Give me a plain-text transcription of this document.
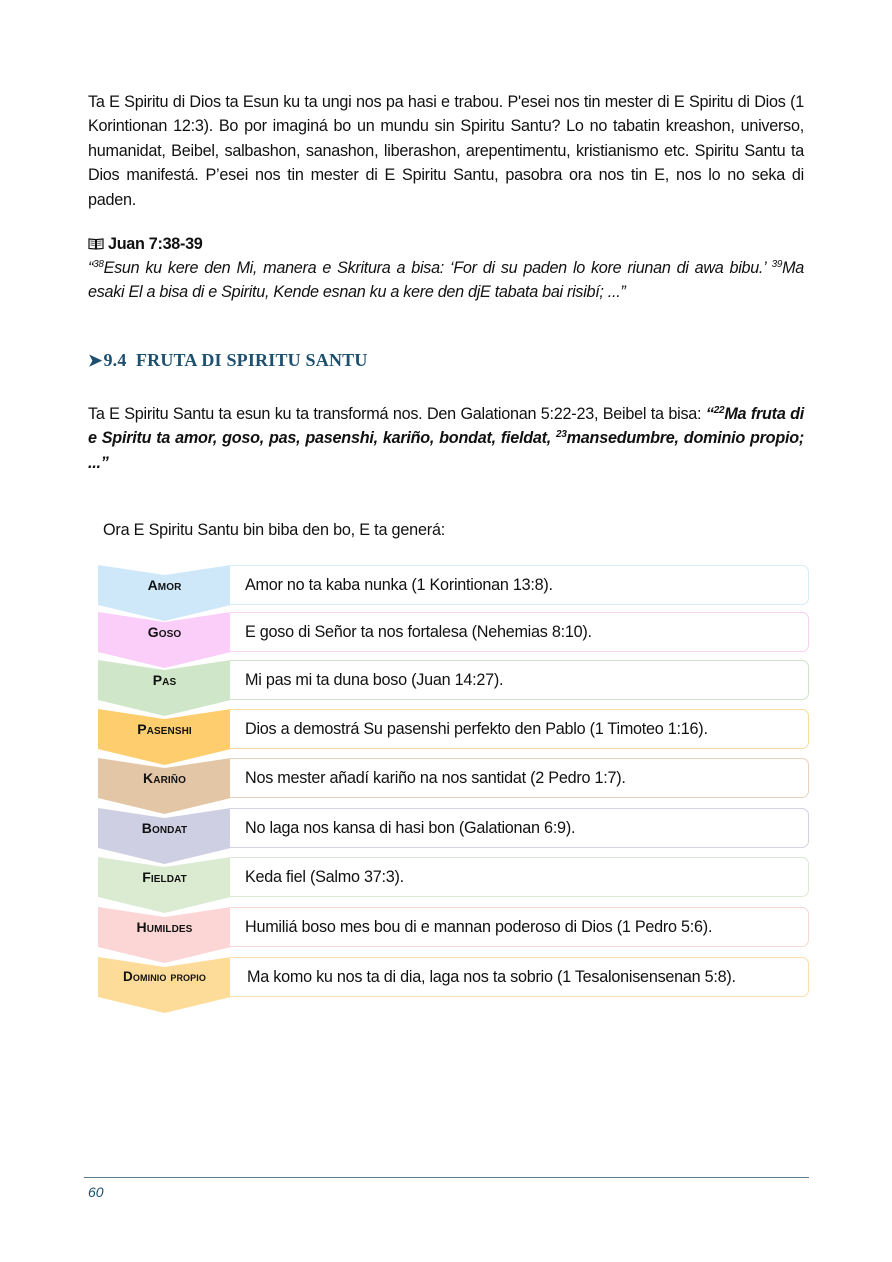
Ta E Spiritu di Dios ta Esun ku ta ungi nos pa hasi e trabou. P'esei nos tin mester di E Spiritu di Dios (1 Korintionan 12:3). Bo por imaginá bo un mundu sin Spiritu Santu? Lo no tabatin kreashon, universo, humanidat, Beibel, salbashon, sanashon, liberashon, arepentimentu, kristianismo etc. Spiritu Santu ta Dios manifestá. P’esei nos tin mester di E Spiritu Santu, pasobra ora nos tin E, nos lo no seka di paden.
Juan 7:38-39
“$^{38}$Esun ku kere den Mi, manera e Skritura a bisa: ‘For di su paden lo kore riunan di awa bibu.’ $^{39}$Ma esaki El a bisa di e Spiritu, Kende esnan ku a kere den djE tabata bai risibí; ...”
➤9.4 FRUTA DI SPIRITU SANTU
Ta E Spiritu Santu ta esun ku ta transformá nos. Den Galationan 5:22-23, Beibel ta bisa: “$^{22}$Ma fruta di e Spiritu ta amor, goso, pas, pasenshi, kariño, bondat, fieldat, $^{23}$mansedumbre, dominio propio; ...”
Ora E Spiritu Santu bin biba den bo, E ta generá:
Amor	Amor no ta kaba nunka (1 Korintionan 13:8).
Goso	E goso di Señor ta nos fortalesa (Nehemias 8:10).
Pas	Mi pas mi ta duna boso (Juan 14:27).
Pasenshi	Dios a demostrá Su pasenshi perfekto den Pablo (1 Timoteo 1:16).
Kariño	Nos mester añadí kariño na nos santidat (2 Pedro 1:7).
Bondat	No laga nos kansa di hasi bon (Galationan 6:9).
Fieldat	Keda fiel (Salmo 37:3).
Humildes	Humiliá boso mes bou di e mannan poderoso di Dios (1 Pedro 5:6).
Dominio propio	Ma komo ku nos ta di dia, laga nos ta sobrio (1 Tesalonisensenan 5:8).
60
